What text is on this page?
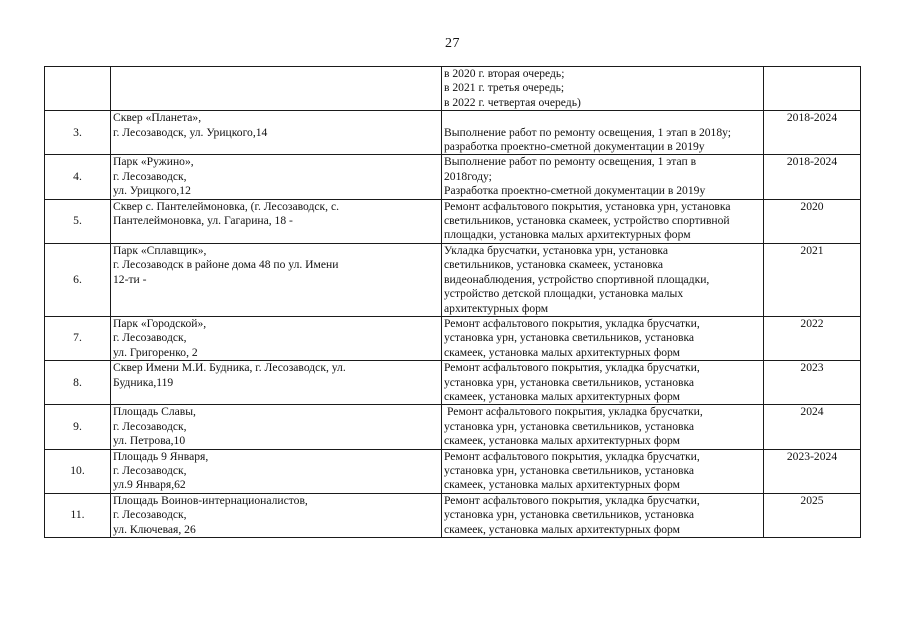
27

		в 2020 г. вторая очередь;
в 2021 г. третья очередь;
в 2022 г. четвертая очередь)	

3.	Сквер «Планета»,
г. Лесозаводск, ул. Урицкого,14	Выполнение работ по ремонту освещения, 1 этап в 2018у;
разработка проектно-сметной документации в 2019у	2018-2024
4.	Парк «Ружино»,
г. Лесозаводск,
ул. Урицкого,12	Выполнение работ по ремонту освещения, 1 этап в
2018году;
Разработка проектно-сметной документации в 2019у	2018-2024
5.	Сквер с. Пантелеймоновка, (г. Лесозаводск, с.
Пантелеймоновка, ул. Гагарина, 18 -	Ремонт асфальтового покрытия, установка урн, установка
светильников, установка скамеек, устройство спортивной
площадки, установка малых архитектурных форм	2020
6.	Парк «Сплавщик»,
г. Лесозаводск в районе дома 48 по ул. Имени
12-ти -	Укладка брусчатки, установка урн, установка
светильников, установка скамеек, установка
видеонаблюдения, устройство спортивной площадки,
устройство детской площадки, установка малых
архитектурных форм	2021
7.	Парк «Городской»,
г. Лесозаводск,
ул. Григоренко, 2	Ремонт асфальтового покрытия, укладка брусчатки,
установка урн, установка светильников, установка
скамеек, установка малых архитектурных форм	2022
8.	Сквер Имени М.И. Будника, г. Лесозаводск, ул.
Будника,119	Ремонт асфальтового покрытия, укладка брусчатки,
установка урн, установка светильников, установка
скамеек, установка малых архитектурных форм	2023
9.	Площадь Славы,
г. Лесозаводск,
ул. Петрова,10	Ремонт асфальтового покрытия, укладка брусчатки,
установка урн, установка светильников, установка
скамеек, установка малых архитектурных форм	2024
10.	Площадь 9 Января,
г. Лесозаводск,
ул.9 Января,62	Ремонт асфальтового покрытия, укладка брусчатки,
установка урн, установка светильников, установка
скамеек, установка малых архитектурных форм	2023-2024
11.	Площадь Воинов-интернационалистов,
г. Лесозаводск,
ул. Ключевая, 26	Ремонт асфальтового покрытия, укладка брусчатки,
установка урн, установка светильников, установка
скамеек, установка малых архитектурных форм	2025
